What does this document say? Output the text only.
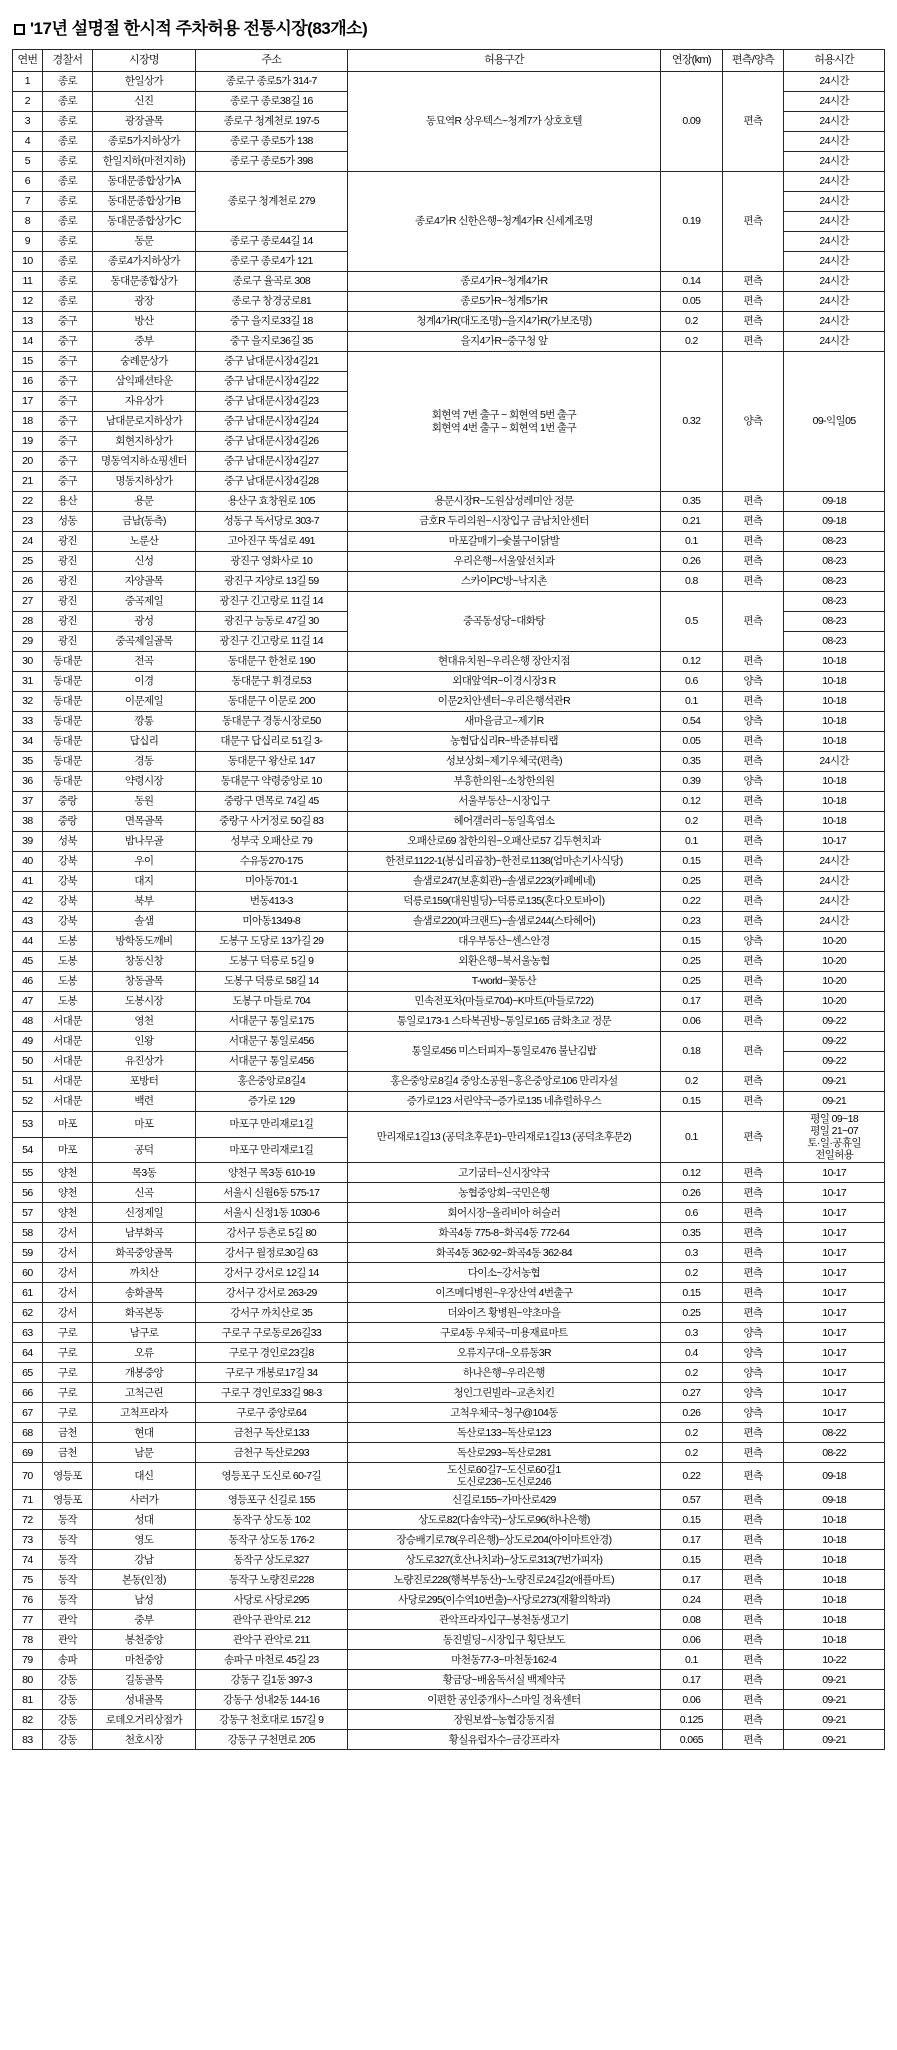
'17년 설명절 한시적 주차허용 전통시장(83개소)
연번	경찰서	시장명	주소	허용구간	연장(km)	편측/양측	허용시간
1	종로	한일상가	종로구 종로5가 314-7	동묘역R 상우텍스~청계7가 상호호텔	0.09	편측	24시간
2	종로	신진	종로구 종로38길 16				24시간
3	종로	광장골목	종로구 청계천로 197-5				24시간
4	종로	종로5가지하상가	종로구 종로5가 138				24시간
5	종로	한일지하(마전지하)	종로구 종로5가 398				24시간
6	종로	동대문종합상가A	종로구 청계천로 279	종로4가R 신한은행~청계4가R 신세계조명	0.19	편측	24시간
7	종로	동대문종합상가B					24시간
8	종로	동대문종합상가C					24시간
9	종로	동문	종로구 종로44길 14				24시간
10	종로	종로4가지하상가	종로구 종로4가 121				24시간
11	종로	동대문종합상가	종로구 율곡로 308	종로4가R~청계4가R	0.14	편측	24시간
12	종로	광장	종로구 창경궁로81	종로5가R~청계5가R	0.05	편측	24시간
13	중구	방산	중구 을지로33길 18	청계4가R(대도조명)~을지4가R(가보조명)	0.2	편측	24시간
14	중구	중부	중구 을지로36길 35	을지4가R~중구청 앞	0.2	편측	24시간
15	중구	숭례문상가	중구 남대문시장4길21	회현역 7번 출구 ~ 회현역 5번 출구
회현역 4번 출구 ~ 회현역 1번 출구	0.32	양측	09-익일05
16	중구	삼익패션타운	중구 남대문시장4길22				
17	중구	자유상가	중구 남대문시장4길23				
18	중구	남대문로지하상가	중구 남대문시장4길24				
19	중구	회현지하상가	중구 남대문시장4길26				
20	중구	명동역지하쇼핑센터	중구 남대문시장4길27				
21	중구	명동지하상가	중구 남대문시장4길28				
22	용산	용문	용산구 효창원로 105	용문시장R~도원삼성레미안 정문	0.35	편측	09-18
23	성동	금남(동측)	성동구 독서당로 303-7	금호R 두리의원~시장입구 금남치안센터	0.21	편측	09-18
24	광진	노룬산	고아진구 뚝섬로 491	마포갈매기~숯불구이닭발	0.1	편측	08-23
25	광진	신성	광진구 영화사로 10	우리은행~서울앞선치과	0.26	편측	08-23
26	광진	자양골목	광진구 자양로 13길 59	스카이PC방~낙지촌	0.8	편측	08-23
27	광진	중곡제일	광진구 긴고랑로 11길 14	중곡동성당~대화탕	0.5	편측	08-23
28	광진	광성	광진구 능동로 47길 30				08-23
29	광진	중곡제일골목	광진구 긴고랑로 11길 14				08-23
30	동대문	전곡	동대문구 한천로 190	현대유치원~우리은행 장안지점	0.12	편측	10-18
31	동대문	이경	동대문구 휘경로53	외대앞역R~이경시장3 R	0.6	양측	10-18
32	동대문	이문제일	동대문구 이문로 200	이문2치안센터~우리은행석관R	0.1	편측	10-18
33	동대문	깡통	동대문구 경동시장로50	새마을금고~제기R	0.54	양측	10-18
34	동대문	답십리	대문구 답십리로 51길 3-	농협답십리R~박준뷰티랩	0.05	편측	10-18
35	동대문	경동	동대문구 왕산로 147	성보상회~제기우체국(편측)	0.35	편측	24시간
36	동대문	약령시장	동대문구 약령중앙로 10	부흥한의원~소창한의원	0.39	양측	10-18
37	중랑	동원	중랑구 면목로 74길 45	서울부동산~시장입구	0.12	편측	10-18
38	중랑	면목골목	중랑구 사거정로 50길 83	헤어갤러리~동일흑염소	0.2	편측	10-18
39	성북	밤나무골	성부국 오패산로 79	오패산로69 참한의원~오패산로57 김두현치과	0.1	편측	10-17
40	강북	우이	수유동270-175	한전로1122-1(봉십리곱창)~한전로1138(엄마손기사식당)	0.15	편측	24시간
41	강북	대지	미아동701-1	솔샘로247(보훈회관)~솔샘로223(카페베네)	0.25	편측	24시간
42	강북	북부	번동413-3	덕릉로159(대원빌딩)~덕릉로135(혼다오토바이)	0.22	편측	24시간
43	강북	솔샘	미아동1349-8	솔샘로220(파크랜드)~솔샘로244(스타헤어)	0.23	편측	24시간
44	도봉	방학동도깨비	도봉구 도당로 13가길 29	대우부동산~센스안경	0.15	양측	10-20
45	도봉	창동신창	도봉구 덕릉로 5길 9	외환은행~북서울농협	0.25	편측	10-20
46	도봉	창동골목	도봉구 덕릉로 58길 14	T-world~꽃동산	0.25	편측	10-20
47	도봉	도봉시장	도봉구 마들로 704	민속전포차(마들로704)~K마트(마들로722)	0.17	편측	10-20
48	서대문	영천	서대문구 통일로175	통일로173-1 스타복권방~통일로165 금화초교 정문	0.06	편측	09-22
49	서대문	인왕	서대문구 통일로456	통일로456 미스터피자~통일로476 불난김밥	0.18	편측	09-22
50	서대문	유진상가	서대문구 통일로456				09-22
51	서대문	포방터	홍은중앙로8길4	홍은중앙로8길4 중앙소공원~홍은중앙로106 만리자설	0.2	편측	09-21
52	서대문	백련	증가로 129	증가로123 서린약국~증가로135 네츄럴하우스	0.15	편측	09-21
53	마포	마포	마포구 만리재로1길	만리재로1길13 (공덕초후문1)~만리재로1길13 (공덕초후문2)	0.1	편측	평일 09~18
평일 21~07
토·일·공휴일
전일허용
54	마포	공덕	마포구 만리재로1길				
55	양천	목3동	양천구 목3동 610-19	고기굼터~신시장약국	0.12	편측	10-17
56	양천	신곡	서울시 신월6동 575-17	농협중앙회~국민은행	0.26	편측	10-17
57	양천	신정제일	서울시 신정1동 1030-6	회어시장~올리비아 허슬러	0.6	편측	10-17
58	강서	남부화곡	강서구 등촌로 5길 80	화곡4동 775-8~화곡4동 772-64	0.35	편측	10-17
59	강서	화곡중앙골목	강서구 월정로30길 63	화곡4동 362-92~화곡4동 362-84	0.3	편측	10-17
60	강서	까치산	강서구 강서로 12길 14	다이소~강서농협	0.2	편측	10-17
61	강서	송화골목	강서구 강서로 263-29	이즈메디병원~우장산역 4번출구	0.15	편측	10-17
62	강서	화곡본동	강서구 까치산로 35	더와이즈 황병원~약초마을	0.25	편측	10-17
63	구로	남구로	구로구 구로동로26길33	구로4동 우체국~미용재료마트	0.3	양측	10-17
64	구로	오류	구로구 경인로23길8	오류지구대~오류동3R	0.4	양측	10-17
65	구로	개봉중앙	구로구 개봉로17길 34	하나은행~우리은행	0.2	양측	10-17
66	구로	고척근린	구로구 경인로33길 98-3	청인그린빌라~교촌치킨	0.27	양측	10-17
67	구로	고척프라자	구로구 중앙로64	고척우체국~청구@104동	0.26	양측	10-17
68	금천	현대	금천구 독산로133	독산로133~독산로123	0.2	편측	08-22
69	금천	남문	금천구 독산로293	독산로293~독산로281	0.2	편측	08-22
70	영등포	대신	영등포구 도신로 60-7길	도신로60길7~도신로60길1
도신로236~도신로246	0.22	편측	09-18
71	영등포	사러가	영등포구 신길로 155	신길로155~가마산로429	0.57	편측	09-18
72	동작	성대	동작구 상도동 102	상도로82(다솜약국)~상도로96(하나은행)	0.15	편측	10-18
73	동작	영도	동작구 상도동 176-2	장승배기로78(우리은행)~상도로204(아이마트안경)	0.17	편측	10-18
74	동작	강남	동작구 상도로327	상도로327(호산나치과)~상도로313(7번가피자)	0.15	편측	10-18
75	동작	본동(인정)	동작구 노량진로228	노량진로228(행복부동산)~노량진로24길2(애플마트)	0.17	편측	10-18
76	동작	남성	사당로 사당로295	사당로295(이수역10번출)~사당로273(재활의학과)	0.24	편측	10-18
77	관악	중부	관악구 관악로 212	관악프라자입구~봉천동생고기	0.08	편측	10-18
78	관악	봉천중앙	관악구 관악로 211	동진빌딩~시장입구 횡단보도	0.06	편측	10-18
79	송파	마천중앙	송파구 마천로 45길 23	마천동77-3~마천동162-4	0.1	편측	10-22
80	강동	길동골목	강동구 길1동 397-3	황금당~배움독서실 백제약국	0.17	편측	09-21
81	강동	성내골목	강동구 성내2동 144-16	이편한 공인중개사~스마일 정육센터	0.06	편측	09-21
82	강동	로데오거리상점가	강동구 천호대로 157길 9	장원보쌈~농협강동지점	0.125	편측	09-21
83	강동	천호시장	강동구 구천면로 205	황실유럽자수~금강프라자	0.065	편측	09-21
